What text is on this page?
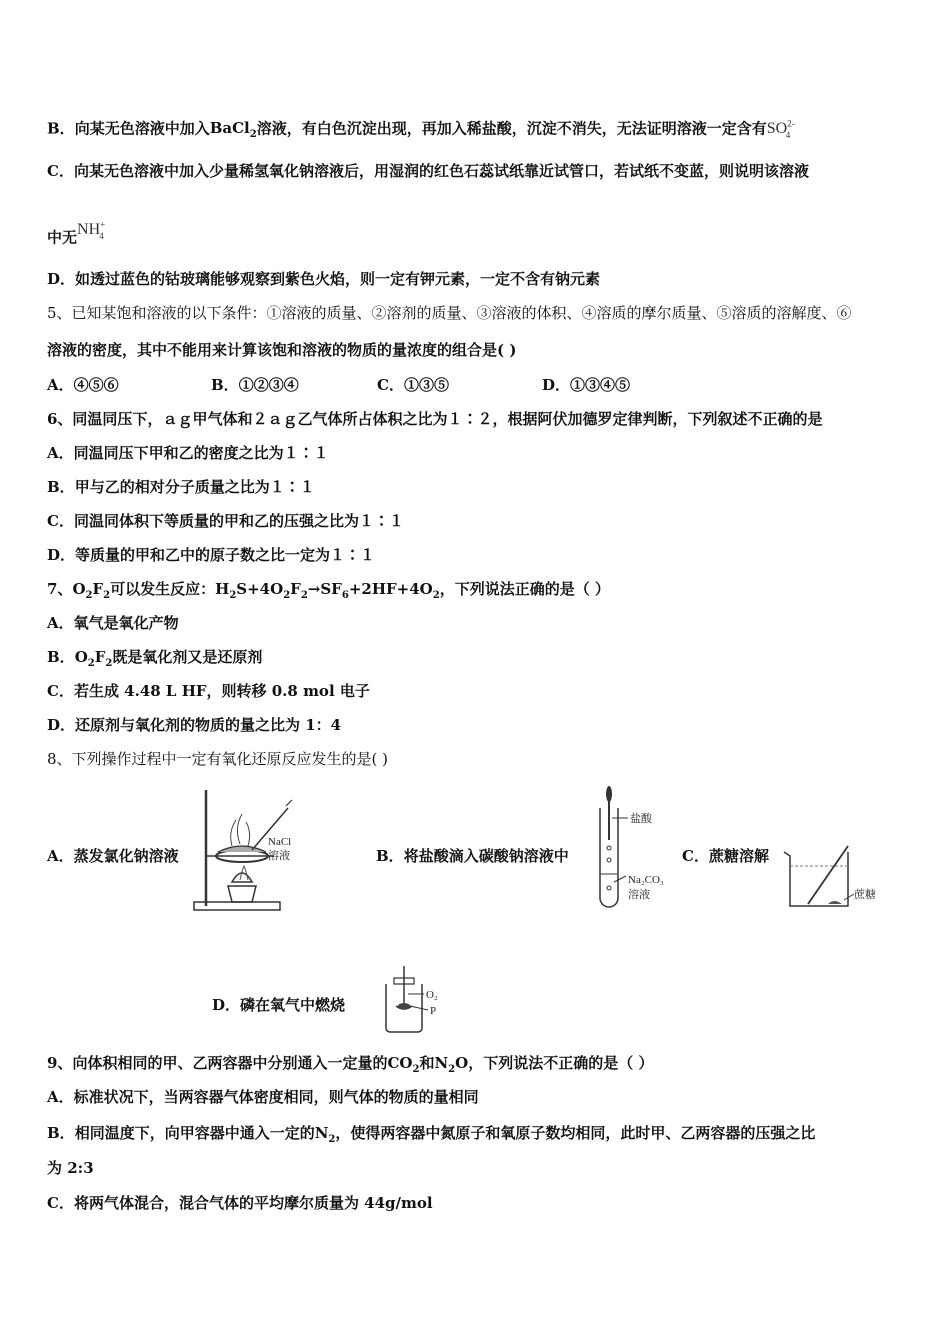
B．向某无色溶液中加入BaCl$_2$溶液，有白色沉淀出现，再加入稀盐酸，沉淀不消失，无法证明溶液一定含有$SO^{2-}_4$
C．向某无色溶液中加入少量稀氢氧化钠溶液后，用湿润的红色石蕊试纸靠近试管口，若试纸不变蓝，则说明该溶液
中无$NH^+_4$
D．如透过蓝色的钴玻璃能够观察到紫色火焰，则一定有钾元素，一定不含有钠元素
5、已知某饱和溶液的以下条件：①溶液的质量、②溶剂的质量、③溶液的体积、④溶质的摩尔质量、⑤溶质的溶解度、⑥
溶液的密度，其中不能用来计算该饱和溶液的物质的量浓度的组合是( )
A．④⑤⑥	B．①②③④	C．①③⑤	D．①③④⑤
6、同温同压下，ａｇ甲气体和２ａｇ乙气体所占体积之比为１∶２，根据阿伏加德罗定律判断，下列叙述不正确的是
A．同温同压下甲和乙的密度之比为１∶１
B．甲与乙的相对分子质量之比为１∶１
C．同温同体积下等质量的甲和乙的压强之比为１∶１
D．等质量的甲和乙中的原子数之比一定为１∶１
7、$O_2F_2$可以发生反应：$H_2S+4O_2F_2\to SF_6+2HF+4O_2$，下列说法正确的是（ ）
A．氧气是氧化产物
B．$O_2F_2$既是氧化剂又是还原剂
C．若生成 4.48 L HF，则转移 0.8 mol 电子
D．还原剂与氧化剂的物质的量之比为 1：4
8、下列操作过程中一定有氧化还原反应发生的是( )
A．蒸发氯化钠溶液
NaCl
溶液	B．将盐酸滴入碳酸钠溶液中
盐酸
Na₂CO₃
溶液
C．蔗糖溶解
蔗糖
D．磷在氧气中燃烧
O₂
P
9、向体积相同的甲、乙两容器中分别通入一定量的$CO_2$和$N_2O$，下列说法不正确的是（ ）
A．标准状况下，当两容器气体密度相同，则气体的物质的量相同
B．相同温度下，向甲容器中通入一定的$N_2$，使得两容器中氮原子和氧原子数均相同，此时甲、乙两容器的压强之比
为 2:3
C．将两气体混合，混合气体的平均摩尔质量为 44g/mol
